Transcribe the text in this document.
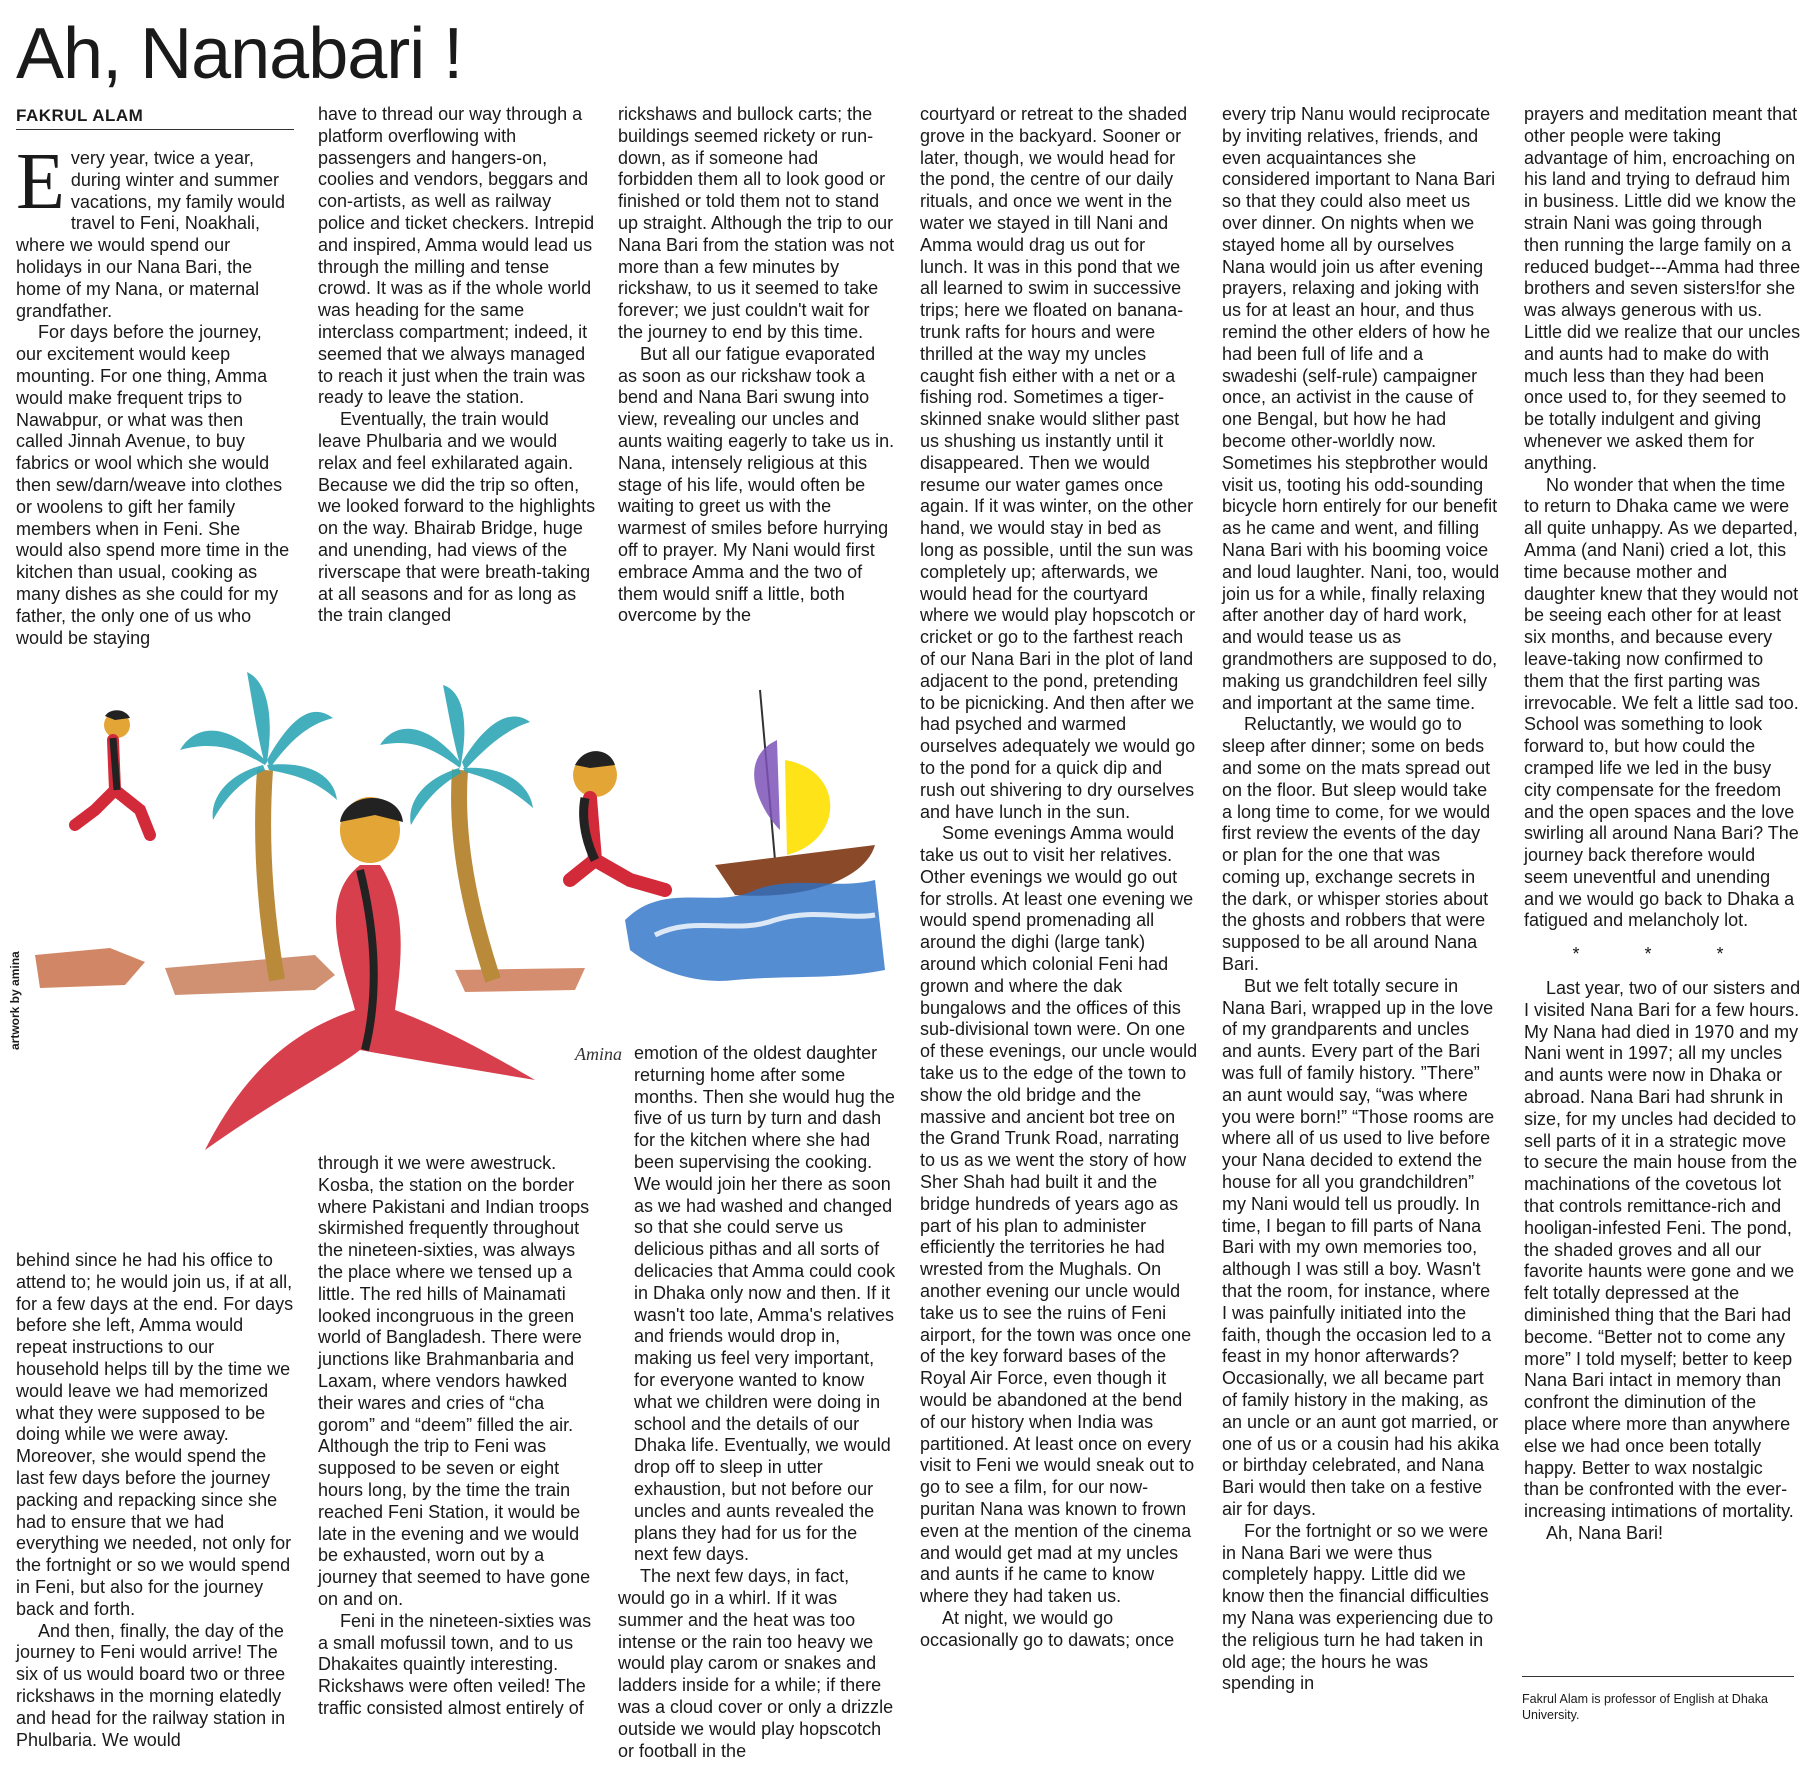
Ah, Nanabari !
FAKRUL ALAM

Every year, twice a year, during winter and summer vacations, my family would travel to Feni, Noakhali, where we would spend our holidays in our Nana Bari, the home of my Nana, or maternal grandfather.

For days before the journey, our excitement would keep mounting. For one thing, Amma would make frequent trips to Nawabpur, or what was then called Jinnah Avenue, to buy fabrics or wool which she would then sew/darn/weave into clothes or woolens to gift her family members when in Feni. She would also spend more time in the kitchen than usual, cooking as many dishes as she could for my father, the only one of us who would be staying

have to thread our way through a platform overflowing with passengers and hangers-on, coolies and vendors, beggars and con-artists, as well as railway police and ticket checkers. Intrepid and inspired, Amma would lead us through the milling and tense crowd. It was as if the whole world was heading for the same interclass compartment; indeed, it seemed that we always managed to reach it just when the train was ready to leave the station.

Eventually, the train would leave Phulbaria and we would relax and feel exhilarated again. Because we did the trip so often, we looked forward to the highlights on the way. Bhairab Bridge, huge and unending, had views of the riverscape that were breath-taking at all seasons and for as long as the train clanged

rickshaws and bullock carts; the buildings seemed rickety or run-down, as if someone had forbidden them all to look good or finished or told them not to stand up straight. Although the trip to our Nana Bari from the station was not more than a few minutes by rickshaw, to us it seemed to take forever; we just couldn't wait for the journey to end by this time.

But all our fatigue evaporated as soon as our rickshaw took a bend and Nana Bari swung into view, revealing our uncles and aunts waiting eagerly to take us in. Nana, intensely religious at this stage of his life, would often be waiting to greet us with the warmest of smiles before hurrying off to prayer. My Nani would first embrace Amma and the two of them would sniff a little, both overcome by the

courtyard or retreat to the shaded grove in the backyard. Sooner or later, though, we would head for the pond, the centre of our daily rituals, and once we went in the water we stayed in till Nani and Amma would drag us out for lunch. It was in this pond that we all learned to swim in successive trips; here we floated on banana-trunk rafts for hours and were thrilled at the way my uncles caught fish either with a net or a fishing rod. Sometimes a tiger-skinned snake would slither past us shushing us instantly until it disappeared. Then we would resume our water games once again. If it was winter, on the other hand, we would stay in bed as long as possible, until the sun was completely up; afterwards, we would head for the courtyard where we would play hopscotch or cricket or go to the farthest reach of our Nana Bari in the plot of land adjacent to the pond, pretending to be picnicking. And then after we had psyched and warmed ourselves adequately we would go to the pond for a quick dip and rush out shivering to dry ourselves and have lunch in the sun.

Some evenings Amma would take us out to visit her relatives. Other evenings we would go out for strolls. At least one evening we would spend promenading all around the dighi (large tank) around which colonial Feni had grown and where the dak bungalows and the offices of this sub-divisional town were. On one of these evenings, our uncle would take us to the edge of the town to show the old bridge and the massive and ancient bot tree on the Grand Trunk Road, narrating to us as we went the story of how Sher Shah had built it and the bridge hundreds of years ago as part of his plan to administer efficiently the territories he had wrested from the Mughals. On another evening our uncle would take us to see the ruins of Feni airport, for the town was once one of the key forward bases of the Royal Air Force, even though it would be abandoned at the bend of our history when India was partitioned. At least once on every visit to Feni we would sneak out to go to see a film, for our now-puritan Nana was known to frown even at the mention of the cinema and would get mad at my uncles and aunts if he came to know where they had taken us.

At night, we would go occasionally go to dawats; once

every trip Nanu would reciprocate by inviting relatives, friends, and even acquaintances she considered important to Nana Bari so that they could also meet us over dinner. On nights when we stayed home all by ourselves Nana would join us after evening prayers, relaxing and joking with us for at least an hour, and thus remind the other elders of how he had been full of life and a swadeshi (self-rule) campaigner once, an activist in the cause of one Bengal, but how he had become other-worldly now. Sometimes his stepbrother would visit us, tooting his odd-sounding bicycle horn entirely for our benefit as he came and went, and filling Nana Bari with his booming voice and loud laughter. Nani, too, would join us for a while, finally relaxing after another day of hard work, and would tease us as grandmothers are supposed to do, making us grandchildren feel silly and important at the same time.

Reluctantly, we would go to sleep after dinner; some on beds and some on the mats spread out on the floor. But sleep would take a long time to come, for we would first review the events of the day or plan for the one that was coming up, exchange secrets in the dark, or whisper stories about the ghosts and robbers that were supposed to be all around Nana Bari.

But we felt totally secure in Nana Bari, wrapped up in the love of my grandparents and uncles and aunts. Every part of the Bari was full of family history. ”There” an aunt would say, “was where you were born!” “Those rooms are where all of us used to live before your Nana decided to extend the house for all you grandchildren” my Nani would tell us proudly. In time, I began to fill parts of Nana Bari with my own memories too, although I was still a boy. Wasn't that the room, for instance, where I was painfully initiated into the faith, though the occasion led to a feast in my honor afterwards? Occasionally, we all became part of family history in the making, as an uncle or an aunt got married, or one of us or a cousin had his akika or birthday celebrated, and Nana Bari would then take on a festive air for days.

For the fortnight or so we were in Nana Bari we were thus completely happy. Little did we know then the financial difficulties my Nana was experiencing due to the religious turn he had taken in old age; the hours he was spending in

prayers and meditation meant that other people were taking advantage of him, encroaching on his land and trying to defraud him in business. Little did we know the strain Nani was going through then running the large family on a reduced budget---Amma had three brothers and seven sisters!for she was always generous with us. Little did we realize that our uncles and aunts had to make do with much less than they had been once used to, for they seemed to be totally indulgent and giving whenever we asked them for anything.

No wonder that when the time to return to Dhaka came we were all quite unhappy. As we departed, Amma (and Nani) cried a lot, this time because mother and daughter knew that they would not be seeing each other for at least six months, and because every leave-taking now confirmed to them that the first parting was irrevocable. We felt a little sad too. School was something to look forward to, but how could the cramped life we led in the busy city compensate for the freedom and the open spaces and the love swirling all around Nana Bari? The journey back therefore would seem uneventful and unending and we would go back to Dhaka a fatigued and melancholy lot.

* * *

Last year, two of our sisters and I visited Nana Bari for a few hours. My Nana had died in 1970 and my Nani went in 1997; all my uncles and aunts were now in Dhaka or abroad. Nana Bari had shrunk in size, for my uncles had decided to sell parts of it in a strategic move to secure the main house from the machinations of the covetous lot that controls remittance-rich and hooligan-infested Feni. The pond, the shaded groves and all our favorite haunts were gone and we felt totally depressed at the diminished thing that the Bari had become. “Better not to come any more” I told myself; better to keep Nana Bari intact in memory than confront the diminution of the place where more than anywhere else we had once been totally happy. Better to wax nostalgic than be confronted with the ever-increasing intimations of mortality.

Ah, Nana Bari!

Amina
artwork by amina

behind since he had his office to attend to; he would join us, if at all, for a few days at the end. For days before she left, Amma would repeat instructions to our household helps till by the time we would leave we had memorized what they were supposed to be doing while we were away. Moreover, she would spend the last few days before the journey packing and repacking since she had to ensure that we had everything we needed, not only for the fortnight or so we would spend in Feni, but also for the journey back and forth.

And then, finally, the day of the journey to Feni would arrive! The six of us would board two or three rickshaws in the morning elatedly and head for the railway station in Phulbaria. We would

through it we were awestruck. Kosba, the station on the border where Pakistani and Indian troops skirmished frequently throughout the nineteen-sixties, was always the place where we tensed up a little. The red hills of Mainamati looked incongruous in the green world of Bangladesh. There were junctions like Brahmanbaria and Laxam, where vendors hawked their wares and cries of “cha gorom” and “deem” filled the air. Although the trip to Feni was supposed to be seven or eight hours long, by the time the train reached Feni Station, it would be late in the evening and we would be exhausted, worn out by a journey that seemed to have gone on and on.

Feni in the nineteen-sixties was a small mofussil town, and to us Dhakaites quaintly interesting. Rickshaws were often veiled! The traffic consisted almost entirely of

emotion of the oldest daughter returning home after some months. Then she would hug the five of us turn by turn and dash for the kitchen where she had been supervising the cooking. We would join her there as soon as we had washed and changed so that she could serve us delicious pithas and all sorts of delicacies that Amma could cook in Dhaka only now and then. If it wasn't too late, Amma's relatives and friends would drop in, making us feel very important, for everyone wanted to know what we children were doing in school and the details of our Dhaka life. Eventually, we would drop off to sleep in utter exhaustion, but not before our uncles and aunts revealed the plans they had for us for the next few days.

The next few days, in fact, would go in a whirl. If it was summer and the heat was too intense or the rain too heavy we would play carom or snakes and ladders inside for a while; if there was a cloud cover or only a drizzle outside we would play hopscotch or football in the

Fakrul Alam is professor of English at Dhaka University.
